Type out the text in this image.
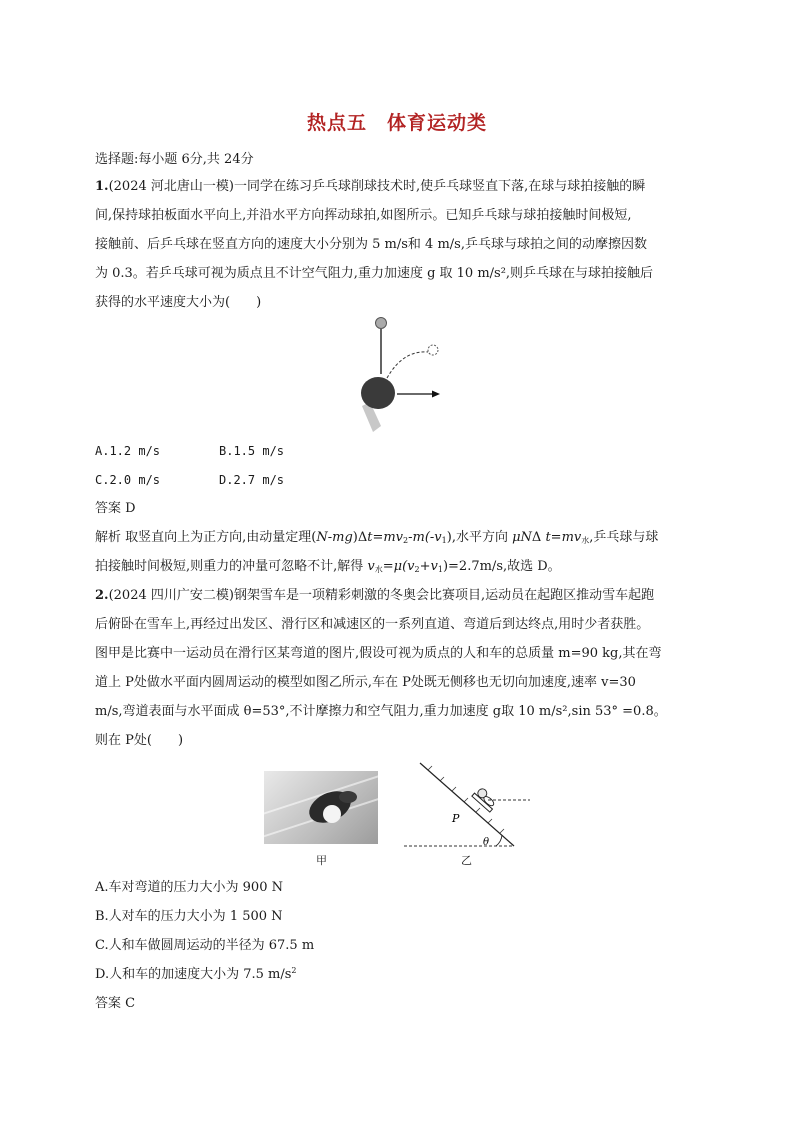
热点五　体育运动类
选择题:每小题 6分,共 24分
1.(2024 河北唐山一模)一同学在练习乒乓球削球技术时,使乒乓球竖直下落,在球与球拍接触的瞬
间,保持球拍板面水平向上,并沿水平方向挥动球拍,如图所示。已知乒乓球与球拍接触时间极短,
接触前、后乒乓球在竖直方向的速度大小分别为 5 m/s和 4 m/s,乒乓球与球拍之间的动摩擦因数
为 0.3。若乒乓球可视为质点且不计空气阻力,重力加速度 g 取 10 m/s²,则乒乓球在与球拍接触后
获得的水平速度大小为(　　)
A.1.2 m/s	B.1.5 m/s
C.2.0 m/s	D.2.7 m/s
答案 D
解析 取竖直向上为正方向,由动量定理$(N-mg)\Delta t=mv_2-m(-v_1)$,水平方向 μNΔ $t=mv_水$,乒乓球与球
拍接触时间极短,则重力的冲量可忽略不计,解得 $v_水=\mu(v_2+v_1)=2.7m/s$,故选 D。
2.(2024 四川广安二模)钢架雪车是一项精彩刺激的冬奥会比赛项目,运动员在起跑区推动雪车起跑
后俯卧在雪车上,再经过出发区、滑行区和减速区的一系列直道、弯道后到达终点,用时少者获胜。
图甲是比赛中一运动员在滑行区某弯道的图片,假设可视为质点的人和车的总质量 m=90 kg,其在弯
道上 P处做水平面内圆周运动的模型如图乙所示,车在 P处既无侧移也无切向加速度,速率 v=30
m/s,弯道表面与水平面成 θ=53°,不计摩擦力和空气阻力,重力加速度 g取 10 m/s²,sin 53° =0.8。
则在 P处(　　)
甲
P
θ
乙
A.车对弯道的压力大小为 900 N
B.人对车的压力大小为 1 500 N
C.人和车做圆周运动的半径为 67.5 m
D.人和车的加速度大小为 7.5 $m/s^2$
答案 C
